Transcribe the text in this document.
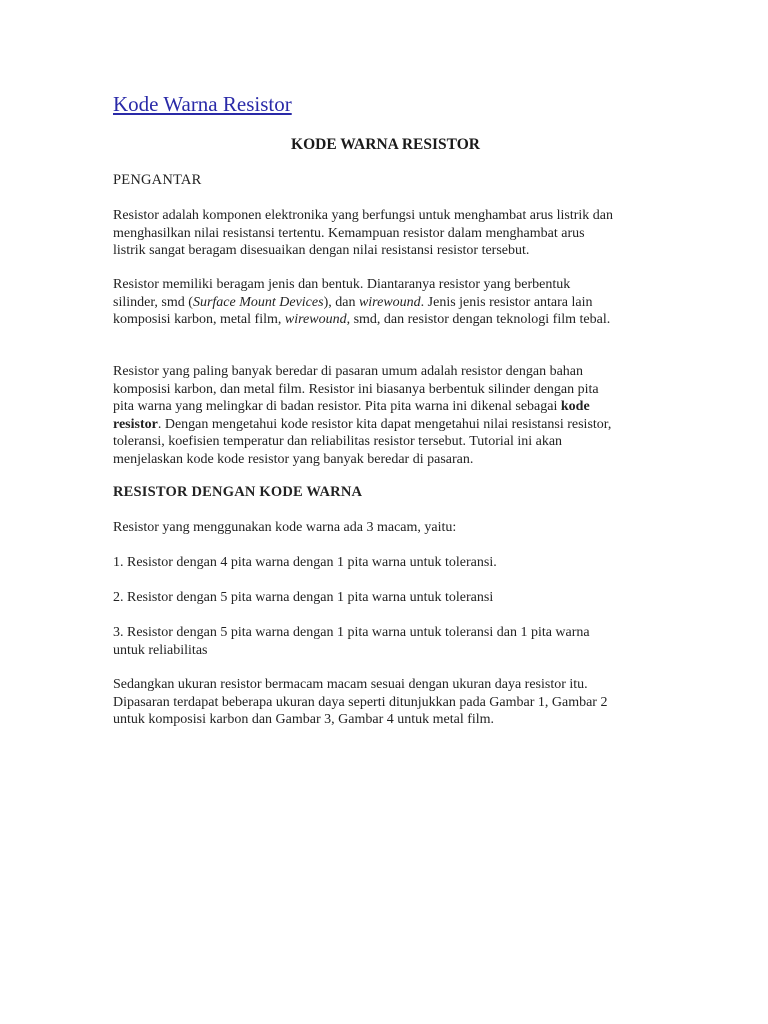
Kode Warna Resistor
KODE WARNA RESISTOR

PENGANTAR

Resistor adalah komponen elektronika yang berfungsi untuk menghambat arus listrik dan
menghasilkan nilai resistansi tertentu. Kemampuan resistor dalam menghambat arus
listrik sangat beragam disesuaikan dengan nilai resistansi resistor tersebut.

Resistor memiliki beragam jenis dan bentuk. Diantaranya resistor yang berbentuk
silinder, smd (Surface Mount Devices), dan wirewound. Jenis jenis resistor antara lain
komposisi karbon, metal film, wirewound, smd, dan resistor dengan teknologi film tebal.

Resistor yang paling banyak beredar di pasaran umum adalah resistor dengan bahan
komposisi karbon, dan metal film. Resistor ini biasanya berbentuk silinder dengan pita
pita warna yang melingkar di badan resistor. Pita pita warna ini dikenal sebagai kode
resistor. Dengan mengetahui kode resistor kita dapat mengetahui nilai resistansi resistor,
toleransi, koefisien temperatur dan reliabilitas resistor tersebut. Tutorial ini akan
menjelaskan kode kode resistor yang banyak beredar di pasaran.

RESISTOR DENGAN KODE WARNA

Resistor yang menggunakan kode warna ada 3 macam, yaitu:

1. Resistor dengan 4 pita warna dengan 1 pita warna untuk toleransi.

2. Resistor dengan 5 pita warna dengan 1 pita warna untuk toleransi

3. Resistor dengan 5 pita warna dengan 1 pita warna untuk toleransi dan 1 pita warna
untuk reliabilitas

Sedangkan ukuran resistor bermacam macam sesuai dengan ukuran daya resistor itu.
Dipasaran terdapat beberapa ukuran daya seperti ditunjukkan pada Gambar 1, Gambar 2
untuk komposisi karbon dan Gambar 3, Gambar 4 untuk metal film.
